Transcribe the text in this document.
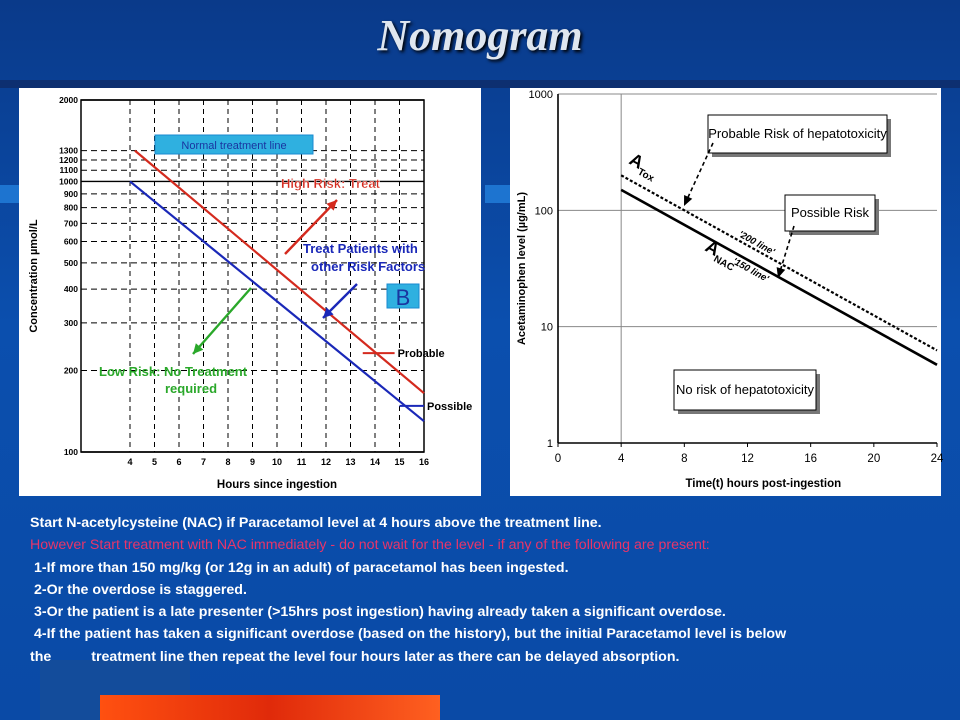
Nomogram
100
200
300
400
500
600
700
800
900
1000
1100
1200
1300
2000
4 5 6 7 8 9 10 11 12 13 14 15 16
Hours since ingestion
Concentration µmol/L
Probable
Possible
Normal treatment line
High Risk: Treat
Treat Patients with
other Risk Factors
Low Risk: No Treatment
required
B
1
10
100
1000
0	4	8	12	16	20	24
Time(t) hours post-ingestion
Acetaminophen level (µg/mL)
A
Tox
A
NAC
'200 line'
'150 line'
Probable Risk of hepatotoxicity
Possible Risk
No risk of hepatotoxicity
Start N-acetylcysteine (NAC) if Paracetamol level at 4 hours above the treatment line.
However Start treatment with NAC immediately - do not wait for the level - if any of the following are present:
1-If more than 150 mg/kg (or 12g in an adult) of paracetamol has been ingested.
2-Or the overdose is staggered.
3-Or the patient is a late presenter (>15hrs post ingestion) having already taken a significant overdose.
4-If the patient has taken a significant overdose (based on the history), but the initial Paracetamol level is below
the	treatment line then repeat the level four hours later as there can be delayed absorption.
